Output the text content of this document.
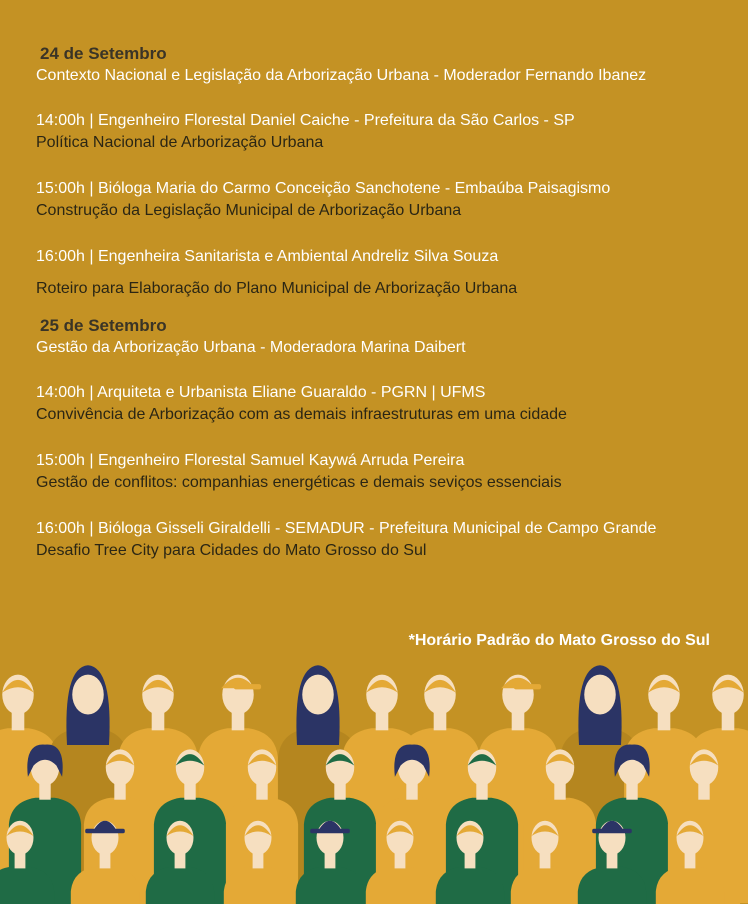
24 de Setembro
Contexto Nacional e Legislação da Arborização Urbana - Moderador Fernando Ibanez
14:00h | Engenheiro Florestal Daniel Caiche - Prefeitura da São Carlos - SP
Política Nacional de Arborização Urbana
15:00h | Bióloga Maria do Carmo Conceição Sanchotene - Embaúba Paisagismo
Construção da Legislação Municipal de Arborização Urbana
16:00h | Engenheira Sanitarista e Ambiental Andreliz Silva Souza
Roteiro para Elaboração do Plano Municipal de Arborização Urbana
25 de Setembro
Gestão da Arborização Urbana - Moderadora Marina Daibert
14:00h | Arquiteta e Urbanista Eliane Guaraldo - PGRN | UFMS
Convivência de Arborização com as demais infraestruturas em uma cidade
15:00h | Engenheiro Florestal Samuel Kaywá Arruda Pereira
Gestão de conflitos: companhias energéticas e demais seviços essenciais
16:00h | Bióloga Gisseli Giraldelli - SEMADUR - Prefeitura Municipal de Campo Grande
Desafio Tree City para Cidades do Mato Grosso do Sul
*Horário Padrão do Mato Grosso do Sul
